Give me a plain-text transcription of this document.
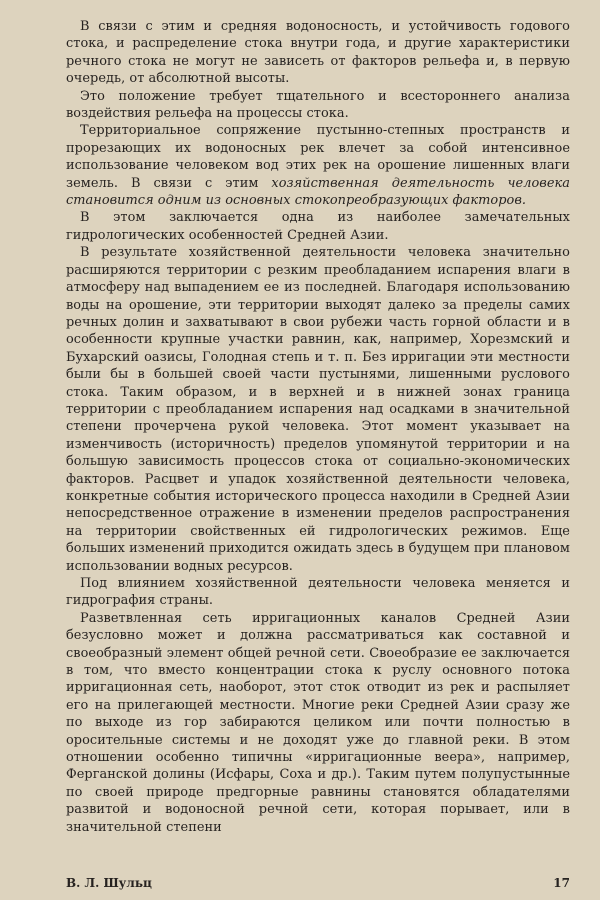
В связи с этим и средняя водоносность, и устойчивость годового стока, и распределение стока внутри года, и другие характеристики речного стока не могут не зависеть от факторов рельефа и, в первую очередь, от абсолютной высоты.

Это положение требует тщательного и всестороннего анализа воздействия рельефа на процессы стока.

Территориальное сопряжение пустынно-степных пространств и прорезающих их водоносных рек влечет за собой интенсивное использование человеком вод этих рек на орошение лишенных влаги земель. В связи с этим хозяйственная деятельность человека становится одним из основных стокопреобразующих факторов.

В этом заключается одна из наиболее замечательных гидрологических особенностей Средней Азии.

В результате хозяйственной деятельности человека значительно расширяются территории с резким преобладанием испарения влаги в атмосферу над выпадением ее из последней. Благодаря использованию воды на орошение, эти территории выходят далеко за пределы самих речных долин и захватывают в свои рубежи часть горной области и в особенности крупные участки равнин, как, например, Хорезмский и Бухарский оазисы, Голодная степь и т. п. Без ирригации эти местности были бы в большей своей части пустынями, лишенными руслового стока. Таким образом, и в верхней и в нижней зонах граница территории с преобладанием испарения над осадками в значительной степени прочерчена рукой человека. Этот момент указывает на изменчивость (историчность) пределов упомянутой территории и на большую зависимость процессов стока от социально-экономических факторов. Расцвет и упадок хозяйственной деятельности человека, конкретные события исторического процесса находили в Средней Азии непосредственное отражение в изменении пределов распространения на территории свойственных ей гидрологических режимов. Еще больших изменений приходится ожидать здесь в будущем при плановом использовании водных ресурсов.

Под влиянием хозяйственной деятельности человека меняется и гидрография страны.

Разветвленная сеть ирригационных каналов Средней Азии безусловно может и должна рассматриваться как составной и своеобразный элемент общей речной сети. Своеобразие ее заключается в том, что вместо концентрации стока к руслу основного потока ирригационная сеть, наоборот, этот сток отводит из рек и распыляет его на прилегающей местности. Многие реки Средней Азии сразу же по выходе из гор забираются целиком или почти полностью в оросительные системы и не доходят уже до главной реки. В этом отношении особенно типичны «ирригационные веера», например, Ферганской долины (Исфары, Соха и др.). Таким путем полупустынные по своей природе предгорные равнины становятся обладателями развитой и водоносной речной сети, которая порывает, или в значительной степени

В. Л. Шульц	17
